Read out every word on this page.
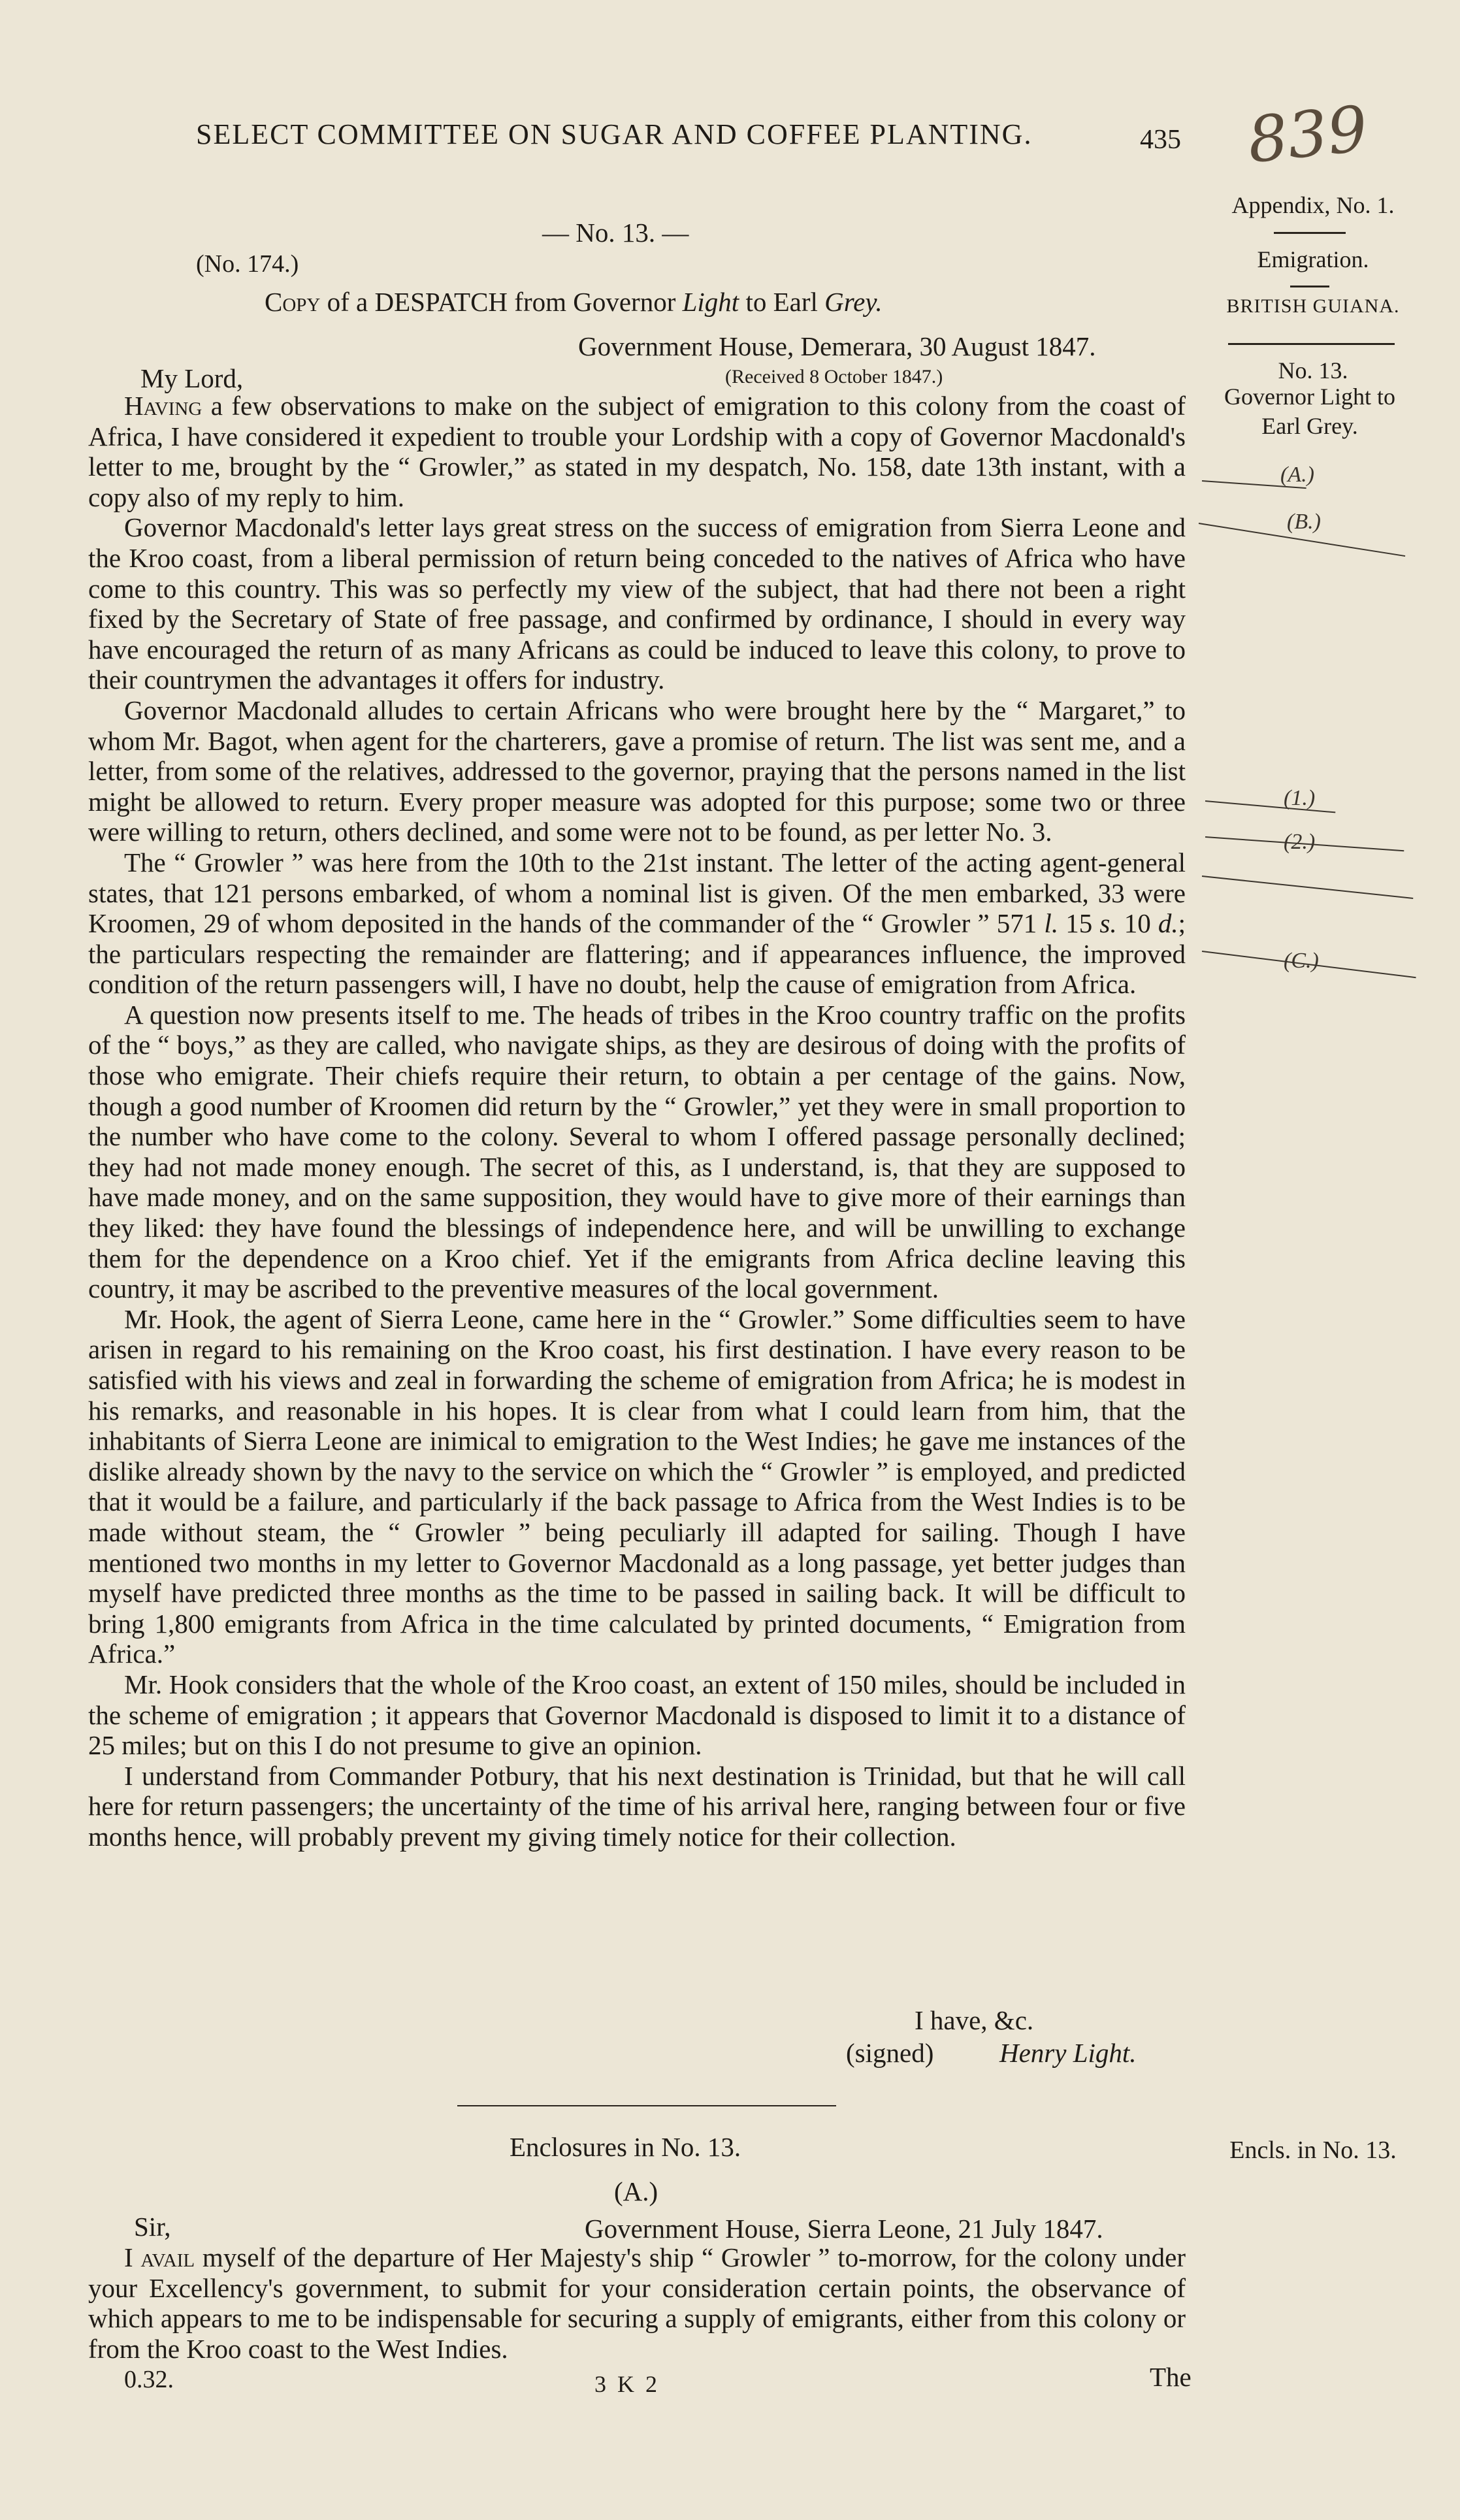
SELECT COMMITTEE ON SUGAR AND COFFEE PLANTING.	435 839
Appendix, No. 1.
Emigration.
BRITISH GUIANA.
No. 13.
Governor Light to Earl Grey.
(A.)
(B.)
(1.)
(2.)
(C.)
— No. 13. —
(No. 174.)
Copy of a DESPATCH from Governor Light to Earl Grey.
Government House, Demerara, 30 August 1847.
My Lord,	(Received 8 October 1847.)

Having a few observations to make on the subject of emigration to this colony from the coast of Africa, I have considered it expedient to trouble your Lordship with a copy of Governor Macdonald's letter to me, brought by the “ Growler,” as stated in my despatch, No. 158, date 13th instant, with a copy also of my reply to him.

Governor Macdonald's letter lays great stress on the success of emigration from Sierra Leone and the Kroo coast, from a liberal permission of return being conceded to the natives of Africa who have come to this country. This was so perfectly my view of the subject, that had there not been a right fixed by the Secretary of State of free passage, and confirmed by ordinance, I should in every way have encouraged the return of as many Africans as could be induced to leave this colony, to prove to their countrymen the advantages it offers for industry.

Governor Macdonald alludes to certain Africans who were brought here by the “ Margaret,” to whom Mr. Bagot, when agent for the charterers, gave a promise of return. The list was sent me, and a letter, from some of the relatives, addressed to the governor, praying that the persons named in the list might be allowed to return. Every proper measure was adopted for this purpose; some two or three were willing to return, others declined, and some were not to be found, as per letter No. 3.

The “ Growler ” was here from the 10th to the 21st instant. The letter of the acting agent-general states, that 121 persons embarked, of whom a nominal list is given. Of the men embarked, 33 were Kroomen, 29 of whom deposited in the hands of the commander of the “ Growler ” 571 l. 15 s. 10 d.; the particulars respecting the remainder are flattering; and if appearances influence, the improved condition of the return passengers will, I have no doubt, help the cause of emigration from Africa.

A question now presents itself to me. The heads of tribes in the Kroo country traffic on the profits of the “ boys,” as they are called, who navigate ships, as they are desirous of doing with the profits of those who emigrate. Their chiefs require their return, to obtain a per centage of the gains. Now, though a good number of Kroomen did return by the “ Growler,” yet they were in small proportion to the number who have come to the colony. Several to whom I offered passage personally declined; they had not made money enough. The secret of this, as I understand, is, that they are supposed to have made money, and on the same supposition, they would have to give more of their earnings than they liked: they have found the blessings of independence here, and will be unwilling to exchange them for the dependence on a Kroo chief. Yet if the emigrants from Africa decline leaving this country, it may be ascribed to the preventive measures of the local government.

Mr. Hook, the agent of Sierra Leone, came here in the “ Growler.” Some difficulties seem to have arisen in regard to his remaining on the Kroo coast, his first destination. I have every reason to be satisfied with his views and zeal in forwarding the scheme of emigration from Africa; he is modest in his remarks, and reasonable in his hopes. It is clear from what I could learn from him, that the inhabitants of Sierra Leone are inimical to emigration to the West Indies; he gave me instances of the dislike already shown by the navy to the service on which the “ Growler ” is employed, and predicted that it would be a failure, and particularly if the back passage to Africa from the West Indies is to be made without steam, the “ Growler ” being peculiarly ill adapted for sailing. Though I have mentioned two months in my letter to Governor Macdonald as a long passage, yet better judges than myself have predicted three months as the time to be passed in sailing back. It will be difficult to bring 1,800 emigrants from Africa in the time calculated by printed documents, “ Emigration from Africa.”

Mr. Hook considers that the whole of the Kroo coast, an extent of 150 miles, should be included in the scheme of emigration ; it appears that Governor Macdonald is disposed to limit it to a distance of 25 miles; but on this I do not presume to give an opinion.

I understand from Commander Potbury, that his next destination is Trinidad, but that he will call here for return passengers; the uncertainty of the time of his arrival here, ranging between four or five months hence, will probably prevent my giving timely notice for their collection.

I have, &c.
(signed) Henry Light.
Enclosures in No. 13.	Encls. in No. 13.
(A.)
Sir,	Government House, Sierra Leone, 21 July 1847.

I avail myself of the departure of Her Majesty's ship “ Growler ” to-morrow, for the colony under your Excellency's government, to submit for your consideration certain points, the observance of which appears to me to be indispensable for securing a supply of emigrants, either from this colony or from the Kroo coast to the West Indies.

0.32.	3 K 2	The
